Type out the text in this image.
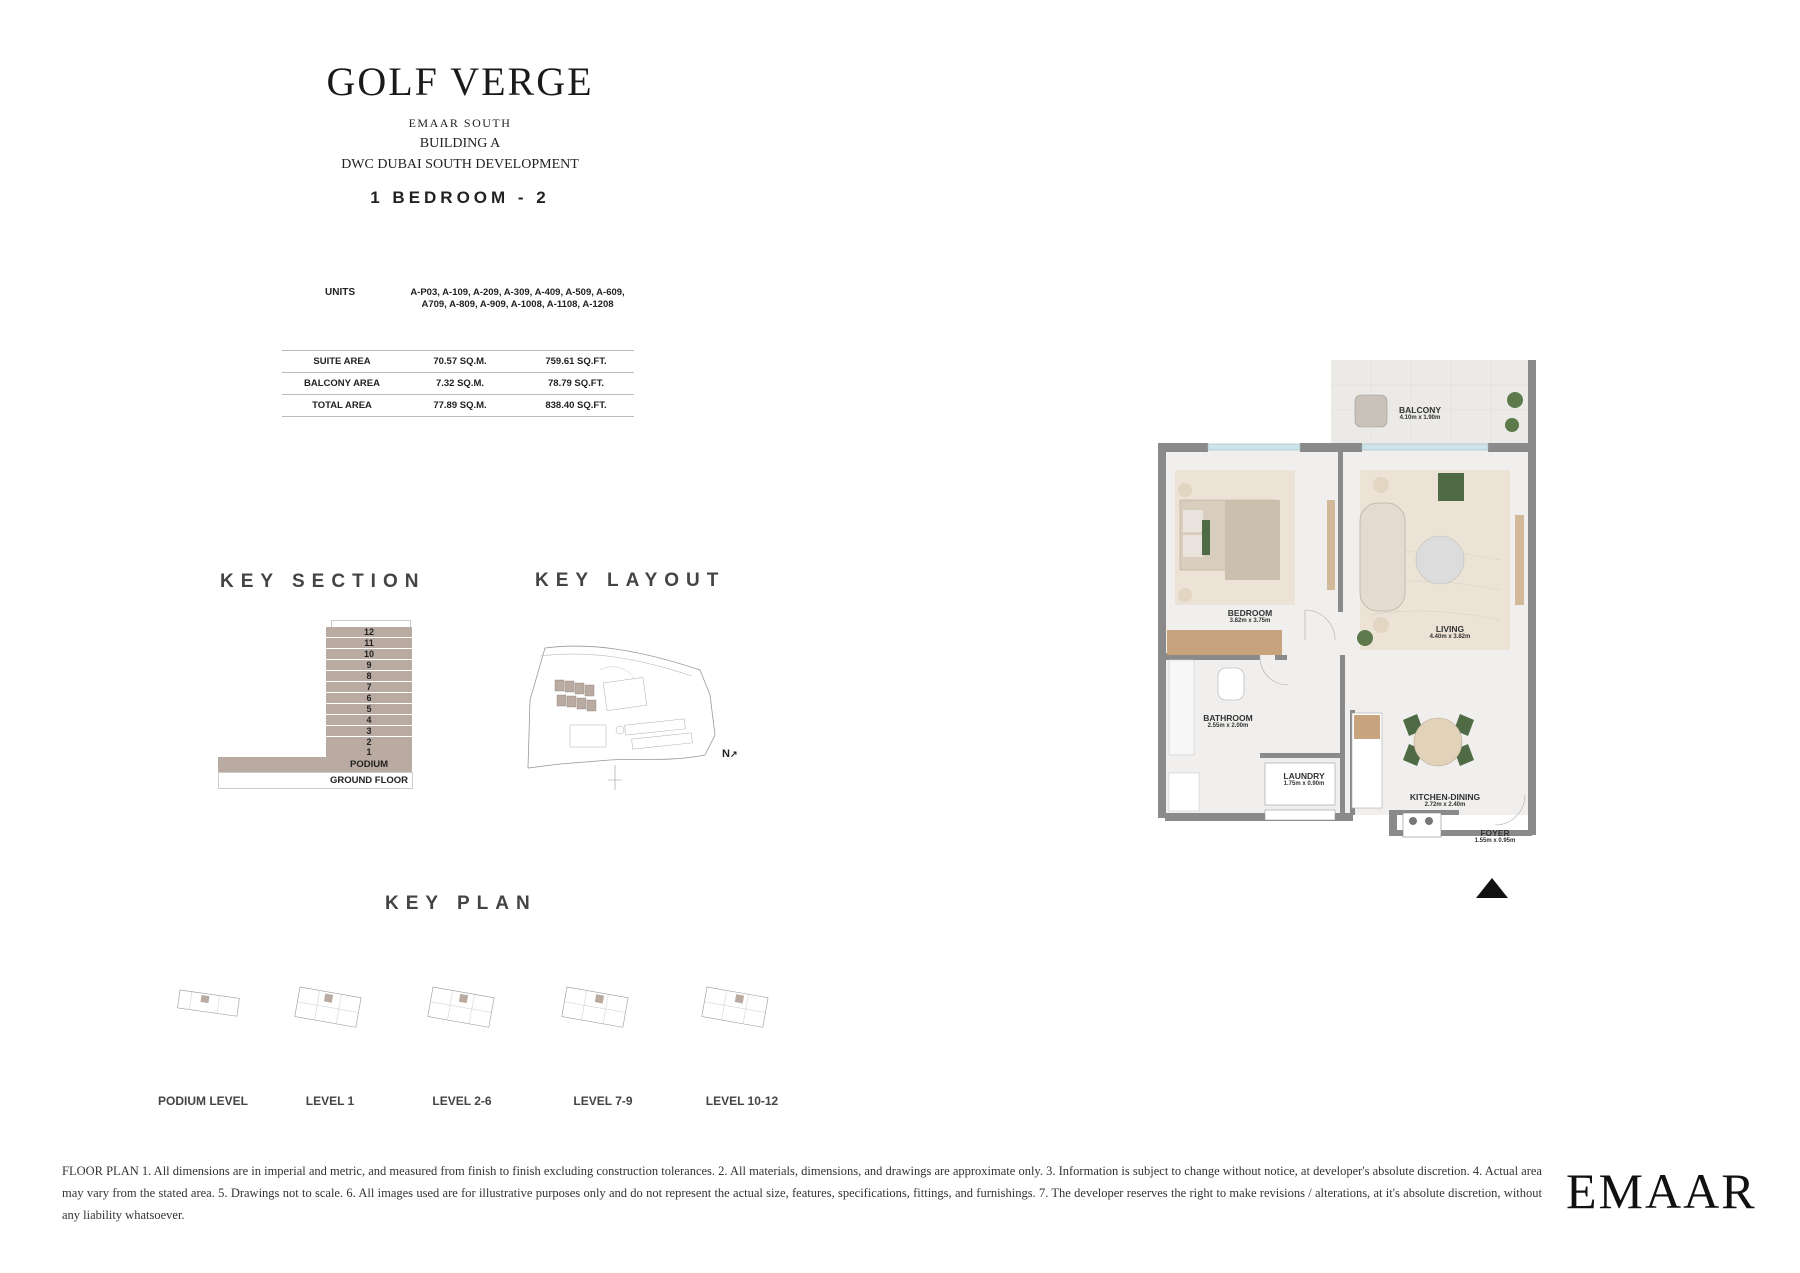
GOLF VERGE
EMAAR SOUTH
BUILDING A
DWC DUBAI SOUTH DEVELOPMENT
1 BEDROOM - 2
UNITS	A-P03, A-109, A-209, A-309, A-409, A-509, A-609, A709, A-809, A-909, A-1008, A-1108, A-1208
SUITE AREA	70.57 SQ.M.	759.61 SQ.FT.
BALCONY AREA	7.32 SQ.M.	78.79 SQ.FT.
TOTAL AREA	77.89 SQ.M.	838.40 SQ.FT.
KEY SECTION	KEY LAYOUT
KEY PLAN
12
11
10
9
8
7
6
5
4
3
2
1
PODIUM
GROUND FLOOR
N↗
PODIUM LEVEL	LEVEL 1	LEVEL 2-6	LEVEL 7-9	LEVEL 10-12
BALCONY
4.10m x 1.90m
BEDROOM
3.82m x 3.75m
LIVING
4.40m x 3.82m
BATHROOM
2.55m x 2.00m
LAUNDRY
1.75m x 0.90m
KITCHEN-DINING
2.72m x 2.40m
FOYER
1.55m x 0.95m
FLOOR PLAN 1. All dimensions are in imperial and metric, and measured from finish to finish excluding construction tolerances. 2. All materials, dimensions, and drawings are approximate only. 3. Information is subject to change without notice, at developer's absolute discretion. 4. Actual area may vary from the stated area. 5. Drawings not to scale. 6. All images used are for illustrative purposes only and do not represent the actual size, features, specifications, fittings, and furnishings. 7. The developer reserves the right to make revisions / alterations, at it's absolute discretion, without any liability whatsoever.	EMAAR
